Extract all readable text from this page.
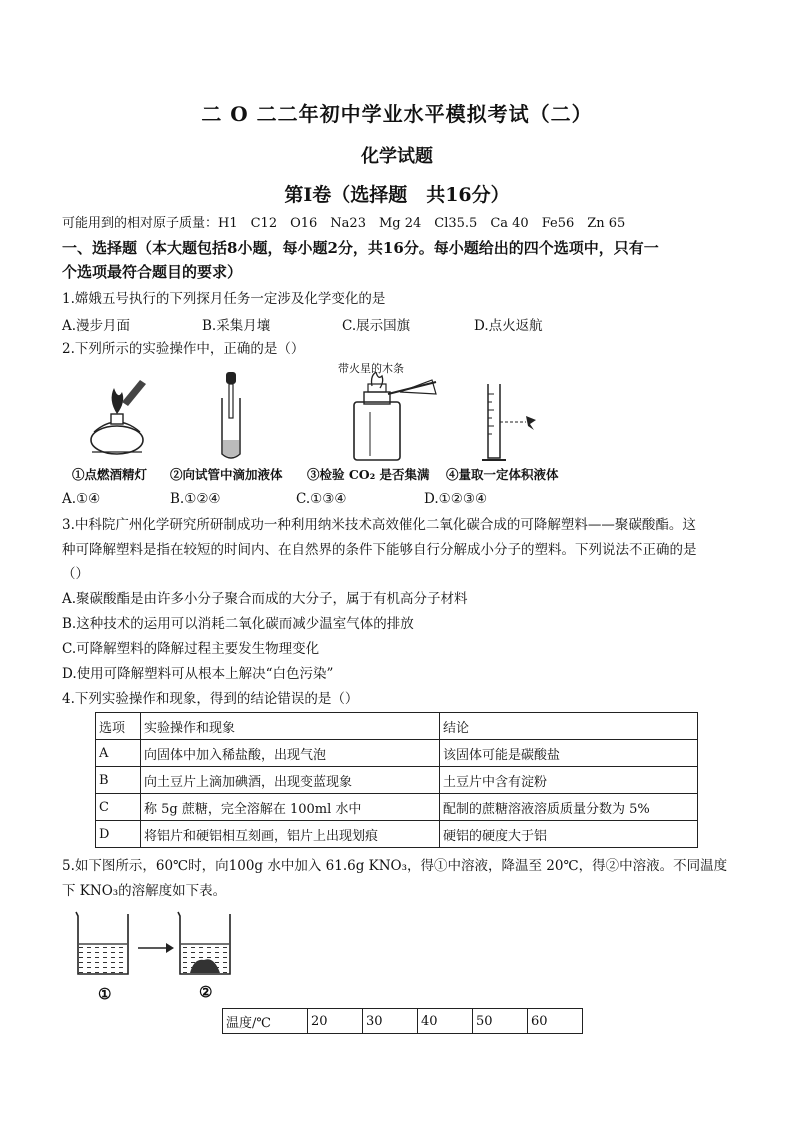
二 O 二二年初中学业水平模拟考试（二）
化学试题
第Ⅰ卷（选择题　共16分）
可能用到的相对原子质量：H1　C12　O16　Na23　Mg 24　Cl35.5　Ca 40　Fe56　Zn 65
一、选择题（本大题包括8小题，每小题2分，共16分。每小题给出的四个选项中，只有一
个选项最符合题目的要求）
1.嫦娥五号执行的下列探月任务一定涉及化学变化的是
A.漫步月面	B.采集月壤	C.展示国旗	D.点火返航
2.下列所示的实验操作中，正确的是（）
带火星的木条
①点燃酒精灯 ②向试管中滴加液体 ③检验 CO₂ 是否集满 ④量取一定体积液体
A.①④	B.①②④	C.①③④	D.①②③④
3.中科院广州化学研究所研制成功一种利用纳米技术高效催化二氧化碳合成的可降解塑料——聚碳酸酯。这
种可降解塑料是指在较短的时间内、在自然界的条件下能够自行分解成小分子的塑料。下列说法不正确的是
（）
A.聚碳酸酯是由许多小分子聚合而成的大分子，属于有机高分子材料
B.这种技术的运用可以消耗二氧化碳而减少温室气体的排放
C.可降解塑料的降解过程主要发生物理变化
D.使用可降解塑料可从根本上解决“白色污染”
4.下列实验操作和现象，得到的结论错误的是（）
选项	实验操作和现象	结论
A	向固体中加入稀盐酸，出现气泡	该固体可能是碳酸盐
B	向土豆片上滴加碘酒，出现变蓝现象	土豆片中含有淀粉
C	称 5g 蔗糖，完全溶解在 100ml 水中	配制的蔗糖溶液溶质质量分数为 5%
D	将铝片和硬铝相互刻画，铝片上出现划痕	硬铝的硬度大于铝
5.如下图所示，60℃时，向100g 水中加入 61.6g KNO₃，得①中溶液，降温至 20℃，得②中溶液。不同温度
下 KNO₃的溶解度如下表。
①	②
温度/℃	20	30	40	50	60
